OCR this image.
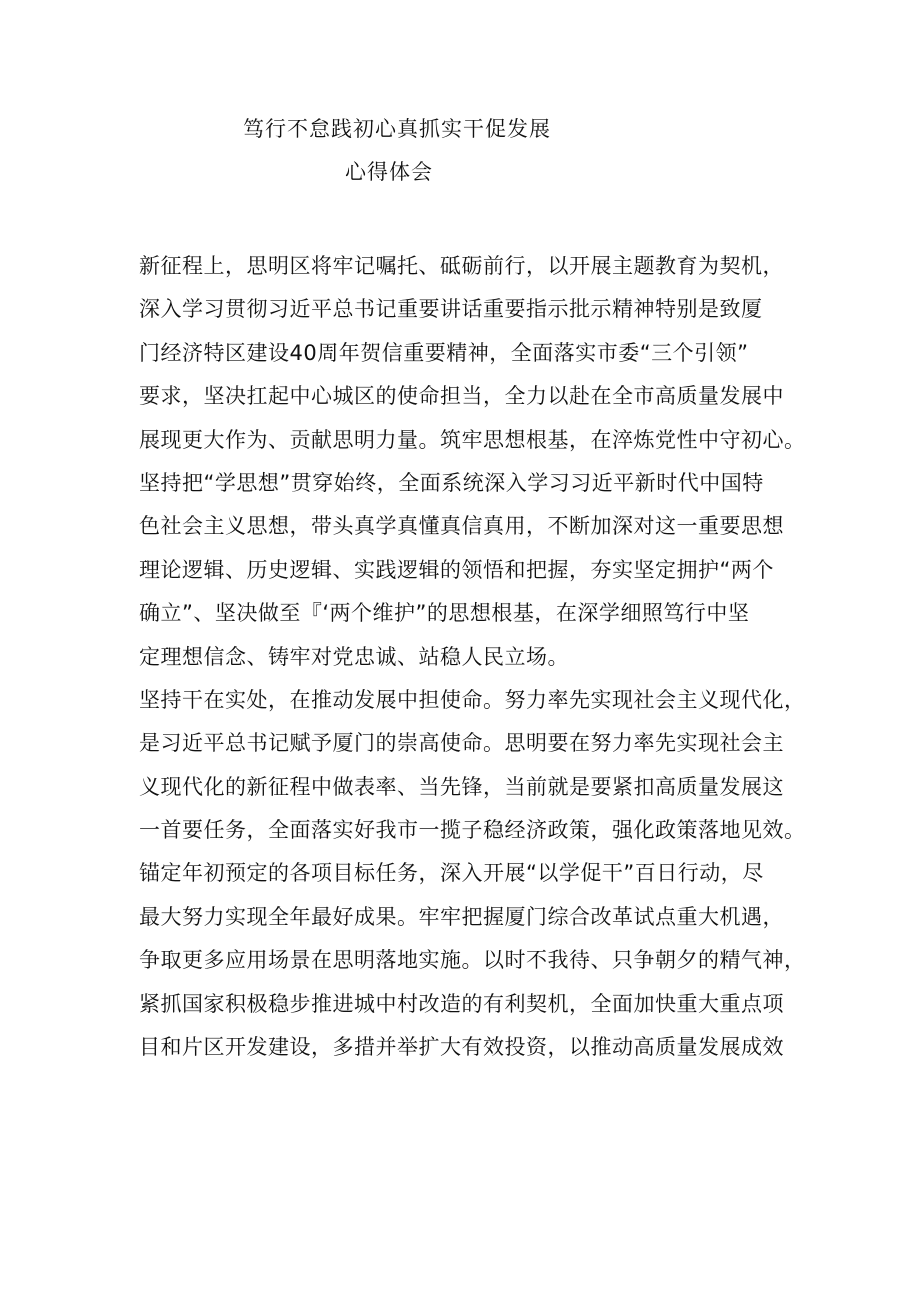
笃行不怠践初心真抓实干促发展
心得体会
新征程上，思明区将牢记嘱托、砥砺前行，以开展主题教育为契机，
深入学习贯彻习近平总书记重要讲话重要指示批示精神特别是致厦
门经济特区建设40周年贺信重要精神，全面落实市委“三个引领”
要求，坚决扛起中心城区的使命担当，全力以赴在全市高质量发展中
展现更大作为、贡献思明力量。筑牢思想根基，在淬炼党性中守初心。
坚持把“学思想”贯穿始终，全面系统深入学习习近平新时代中国特
色社会主义思想，带头真学真懂真信真用，不断加深对这一重要思想
理论逻辑、历史逻辑、实践逻辑的领悟和把握，夯实坚定拥护“两个
确立”、坚决做至『‘两个维护”的思想根基，在深学细照笃行中坚
定理想信念、铸牢对党忠诚、站稳人民立场。
坚持干在实处，在推动发展中担使命。努力率先实现社会主义现代化，
是习近平总书记赋予厦门的崇高使命。思明要在努力率先实现社会主
义现代化的新征程中做表率、当先锋，当前就是要紧扣高质量发展这
一首要任务，全面落实好我市一揽子稳经济政策，强化政策落地见效。
锚定年初预定的各项目标任务，深入开展“以学促干”百日行动，尽
最大努力实现全年最好成果。牢牢把握厦门综合改革试点重大机遇，
争取更多应用场景在思明落地实施。以时不我待、只争朝夕的精气神，
紧抓国家积极稳步推进城中村改造的有利契机，全面加快重大重点项
目和片区开发建设，多措并举扩大有效投资，以推动高质量发展成效
